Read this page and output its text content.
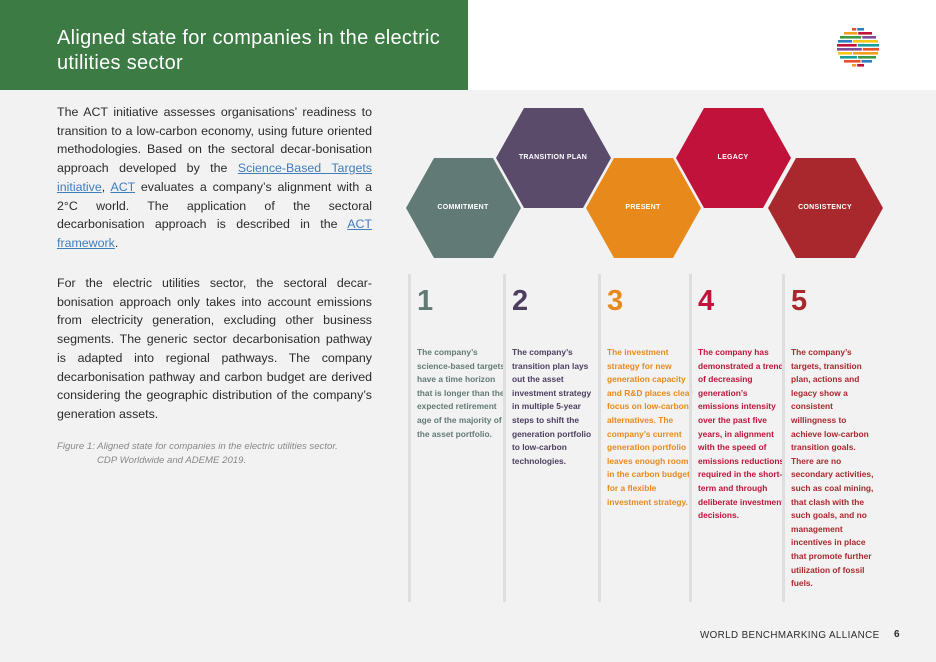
Aligned state for companies in the electric utilities sector
The ACT initiative assesses organisations’ readiness to transition to a low-carbon economy, using future oriented methodologies. Based on the sectoral decar-bonisation approach developed by the Science-Based Targets initiative, ACT evaluates a company’s alignment with a 2°C world. The application of the sectoral decarbonisation approach is described in the ACT framework.
For the electric utilities sector, the sectoral decar-bonisation approach only takes into account emissions from electricity generation, excluding other business segments. The generic sector decarbonisation pathway is adapted into regional pathways. The company decarbonisation pathway and carbon budget are derived considering the geographic distribution of the company’s generation assets.
Figure 1: Aligned state for companies in the electric utilities sector.
CDP Worldwide and ADEME 2019.
COMMITMENT
TRANSITION PLAN
PRESENT
LEGACY
CONSISTENCY
1
The company’s science-based targets have a time horizon that is longer than the expected retirement age of the majority of the asset portfolio.
2
The company’s transition plan lays out the asset investment strategy in multiple 5-year steps to shift the generation portfolio to low-carbon technologies.
3
The investment strategy for new generation capacity and R&D places clear focus on low-carbon alternatives. The company’s current generation portfolio leaves enough room in the carbon budget for a flexible investment strategy.
4
The company has demonstrated a trend of decreasing generation’s emissions intensity over the past five years, in alignment with the speed of emissions reductions required in the short-term and through deliberate investment decisions.
5
The company’s targets, transition plan, actions and legacy show a consistent willingness to achieve low-carbon transition goals. There are no secondary activities, such as coal mining, that clash with the such goals, and no management incentives in place that promote further utilization of fossil fuels.
WORLD BENCHMARKING ALLIANCE 6
